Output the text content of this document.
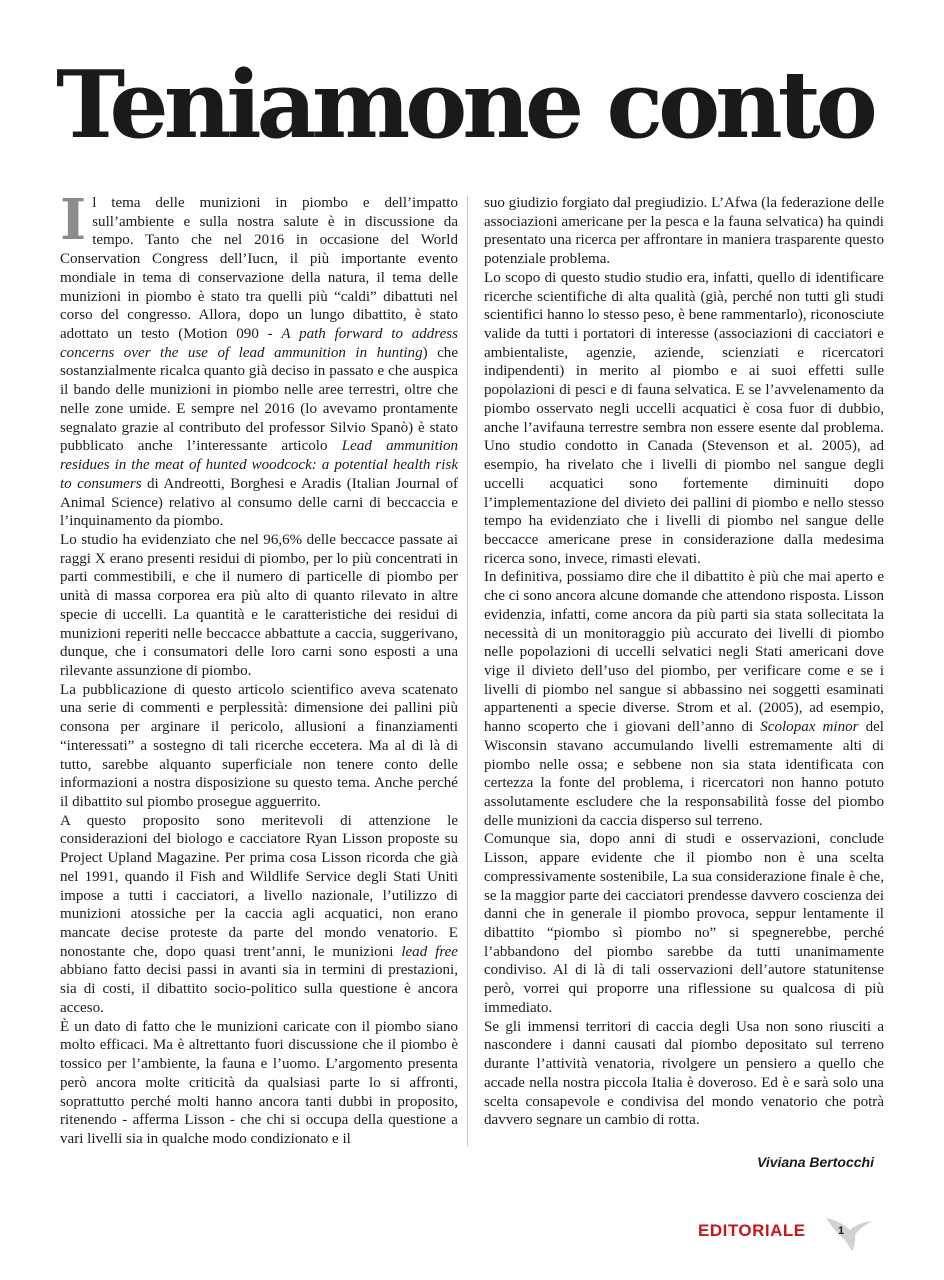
Teniamone conto
I l tema delle munizioni in piombo e dell’impatto sull’ambiente e sulla nostra salute è in discussione da tempo. Tanto che nel 2016 in occasione del World Conservation Congress dell’Iucn, il più importante evento mondiale in tema di conservazione della natura, il tema delle munizioni in piombo è stato tra quelli più “caldi” dibattuti nel corso del congresso. Allora, dopo un lungo dibattito, è stato adottato un testo (Motion 090 - A path forward to address concerns over the use of lead ammunition in hunting) che sostanzialmente ricalca quanto già deciso in passato e che auspica il bando delle munizioni in piombo nelle aree terrestri, oltre che nelle zone umide. E sempre nel 2016 (lo avevamo prontamente segnalato grazie al contributo del professor Silvio Spanò) è stato pubblicato anche l’interessante articolo Lead ammunition residues in the meat of hunted woodcock: a potential health risk to consumers di Andreotti, Borghesi e Aradis (Italian Journal of Animal Science) relativo al consumo delle carni di beccaccia e l’inquinamento da piombo.

Lo studio ha evidenziato che nel 96,6% delle beccacce passate ai raggi X erano presenti residui di piombo, per lo più concentrati in parti commestibili, e che il numero di particelle di piombo per unità di massa corporea era più alto di quanto rilevato in altre specie di uccelli. La quantità e le caratteristiche dei residui di munizioni reperiti nelle beccacce abbattute a caccia, suggerivano, dunque, che i consumatori delle loro carni sono esposti a una rilevante assunzione di piombo.

La pubblicazione di questo articolo scientifico aveva scatenato una serie di commenti e perplessità: dimensione dei pallini più consona per arginare il pericolo, allusioni a finanziamenti “interessati” a sostegno di tali ricerche eccetera. Ma al di là di tutto, sarebbe alquanto superficiale non tenere conto delle informazioni a nostra disposizione su questo tema. Anche perché il dibattito sul piombo prosegue agguerrito.

A questo proposito sono meritevoli di attenzione le considerazioni del biologo e cacciatore Ryan Lisson proposte su Project Upland Magazine. Per prima cosa Lisson ricorda che già nel 1991, quando il Fish and Wildlife Service degli Stati Uniti impose a tutti i cacciatori, a livello nazionale, l’utilizzo di munizioni atossiche per la caccia agli acquatici, non erano mancate decise proteste da parte del mondo venatorio. E nonostante che, dopo quasi trent’anni, le munizioni lead free abbiano fatto decisi passi in avanti sia in termini di prestazioni, sia di costi, il dibattito socio-politico sulla questione è ancora acceso.

È un dato di fatto che le munizioni caricate con il piombo siano molto efficaci. Ma è altrettanto fuori discussione che il piombo è tossico per l’ambiente, la fauna e l’uomo. L’argomento presenta però ancora molte criticità da qualsiasi parte lo si affronti, soprattutto perché molti hanno ancora tanti dubbi in proposito, ritenendo - afferma Lisson - che chi si occupa della questione a vari livelli sia in qualche modo condizionato e il

suo giudizio forgiato dal pregiudizio. L’Afwa (la federazione delle associazioni americane per la pesca e la fauna selvatica) ha quindi presentato una ricerca per affrontare in maniera trasparente questo potenziale problema.

Lo scopo di questo studio studio era, infatti, quello di identificare ricerche scientifiche di alta qualità (già, perché non tutti gli studi scientifici hanno lo stesso peso, è bene rammentarlo), riconosciute valide da tutti i portatori di interesse (associazioni di cacciatori e ambientaliste, agenzie, aziende, scienziati e ricercatori indipendenti) in merito al piombo e ai suoi effetti sulle popolazioni di pesci e di fauna selvatica. E se l’avvelenamento da piombo osservato negli uccelli acquatici è cosa fuor di dubbio, anche l’avifauna terrestre sembra non essere esente dal problema. Uno studio condotto in Canada (Stevenson et al. 2005), ad esempio, ha rivelato che i livelli di piombo nel sangue degli uccelli acquatici sono fortemente diminuiti dopo l’implementazione del divieto dei pallini di piombo e nello stesso tempo ha evidenziato che i livelli di piombo nel sangue delle beccacce americane prese in considerazione dalla medesima ricerca sono, invece, rimasti elevati.

In definitiva, possiamo dire che il dibattito è più che mai aperto e che ci sono ancora alcune domande che attendono risposta. Lisson evidenzia, infatti, come ancora da più parti sia stata sollecitata la necessità di un monitoraggio più accurato dei livelli di piombo nelle popolazioni di uccelli selvatici negli Stati americani dove vige il divieto dell’uso del piombo, per verificare come e se i livelli di piombo nel sangue si abbassino nei soggetti esaminati appartenenti a specie diverse. Strom et al. (2005), ad esempio, hanno scoperto che i giovani dell’anno di Scolopax minor del Wisconsin stavano accumulando livelli estremamente alti di piombo nelle ossa; e sebbene non sia stata identificata con certezza la fonte del problema, i ricercatori non hanno potuto assolutamente escludere che la responsabilità fosse del piombo delle munizioni da caccia disperso sul terreno.

Comunque sia, dopo anni di studi e osservazioni, conclude Lisson, appare evidente che il piombo non è una scelta compressivamente sostenibile, La sua considerazione finale è che, se la maggior parte dei cacciatori prendesse davvero coscienza dei danni che in generale il piombo provoca, seppur lentamente il dibattito “piombo sì piombo no” si spegnerebbe, perché l’abbandono del piombo sarebbe da tutti unanimamente condiviso. Al di là di tali osservazioni dell’autore statunitense però, vorrei qui proporre una riflessione su qualcosa di più immediato.

Se gli immensi territori di caccia degli Usa non sono riusciti a nascondere i danni causati dal piombo depositato sul terreno durante l’attività venatoria, rivolgere un pensiero a quello che accade nella nostra piccola Italia è doveroso. Ed è e sarà solo una scelta consapevole e condivisa del mondo venatorio che potrà davvero segnare un cambio di rotta.

Viviana Bertocchi
EDITORIALE	1
